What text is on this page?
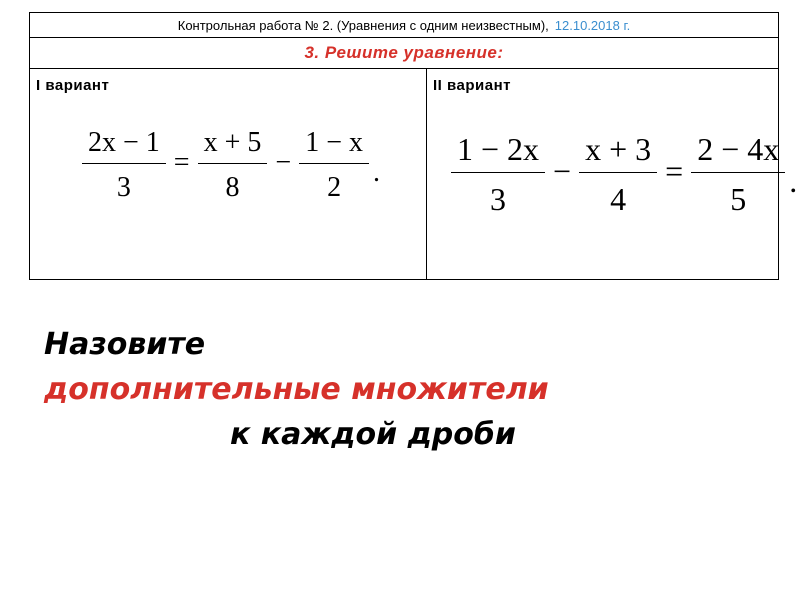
Контрольная работа № 2. (Уравнения с одним неизвестным), 12.10.2018 г.
3. Решите уравнение:
I вариант
$\frac{2x - 1}{3} = \frac{x + 5}{8} - \frac{1 - x}{2}$ .
II вариант
$\frac{1 - 2x}{3} - \frac{x + 3}{4} = \frac{2 - 4x}{5}$ .
Назовите
дополнительные множители
к каждой дроби
